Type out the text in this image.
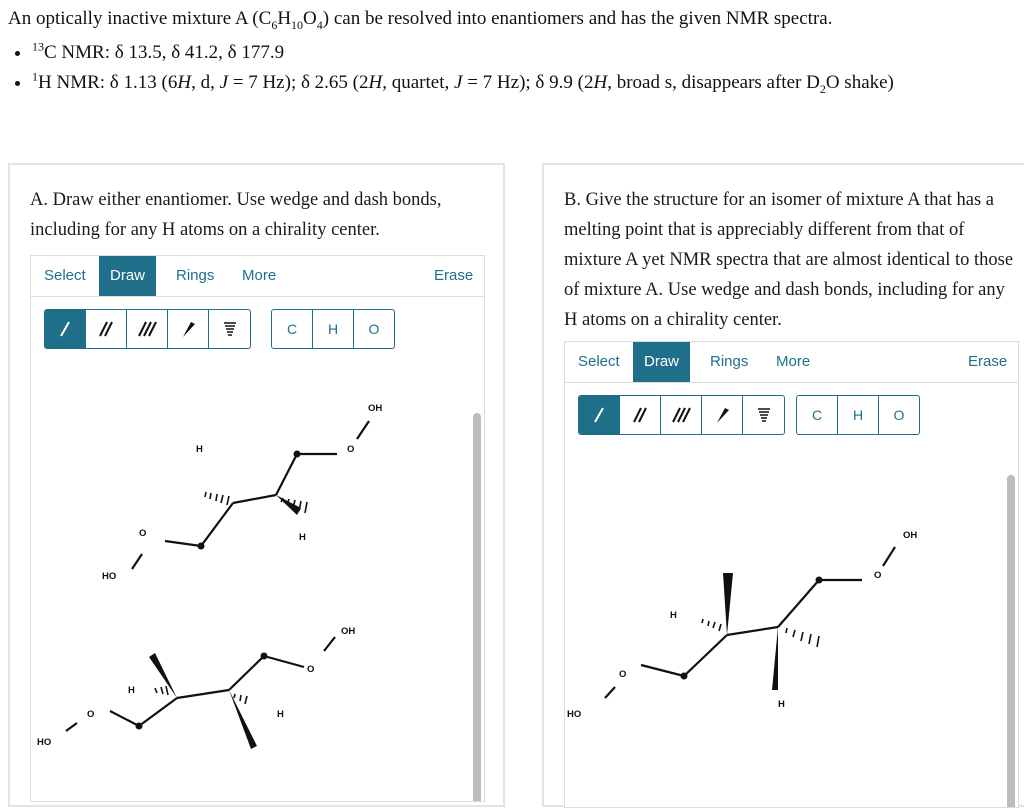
An optically inactive mixture A $(C_6H_{10}O_4)$ can be resolved into enantiomers and has the given NMR spectra.
• $^{13}$C NMR: δ 13.5, δ 41.2, δ 177.9
• $^1$H NMR: δ 1.13 (6H, d, J = 7 Hz); δ 2.65 (2H, quartet, J = 7 Hz); δ 9.9 (2H, broad s, disappears after $D_2O$ shake)
A. Draw either enantiomer. Use wedge and dash bonds, including for any H atoms on a chirality center.
Select	Draw	Rings	More	Erase
C	H	O
OH
O
H
H
O
HO
OH
O
H
H
O
HO
B. Give the structure for an isomer of mixture A that has a melting point that is appreciably different from that of mixture A yet NMR spectra that are almost identical to those of mixture A. Use wedge and dash bonds, including for any H atoms on a chirality center.
Select	Draw	Rings	More	Erase
C	H	O
OH
O
H
H
O
HO
